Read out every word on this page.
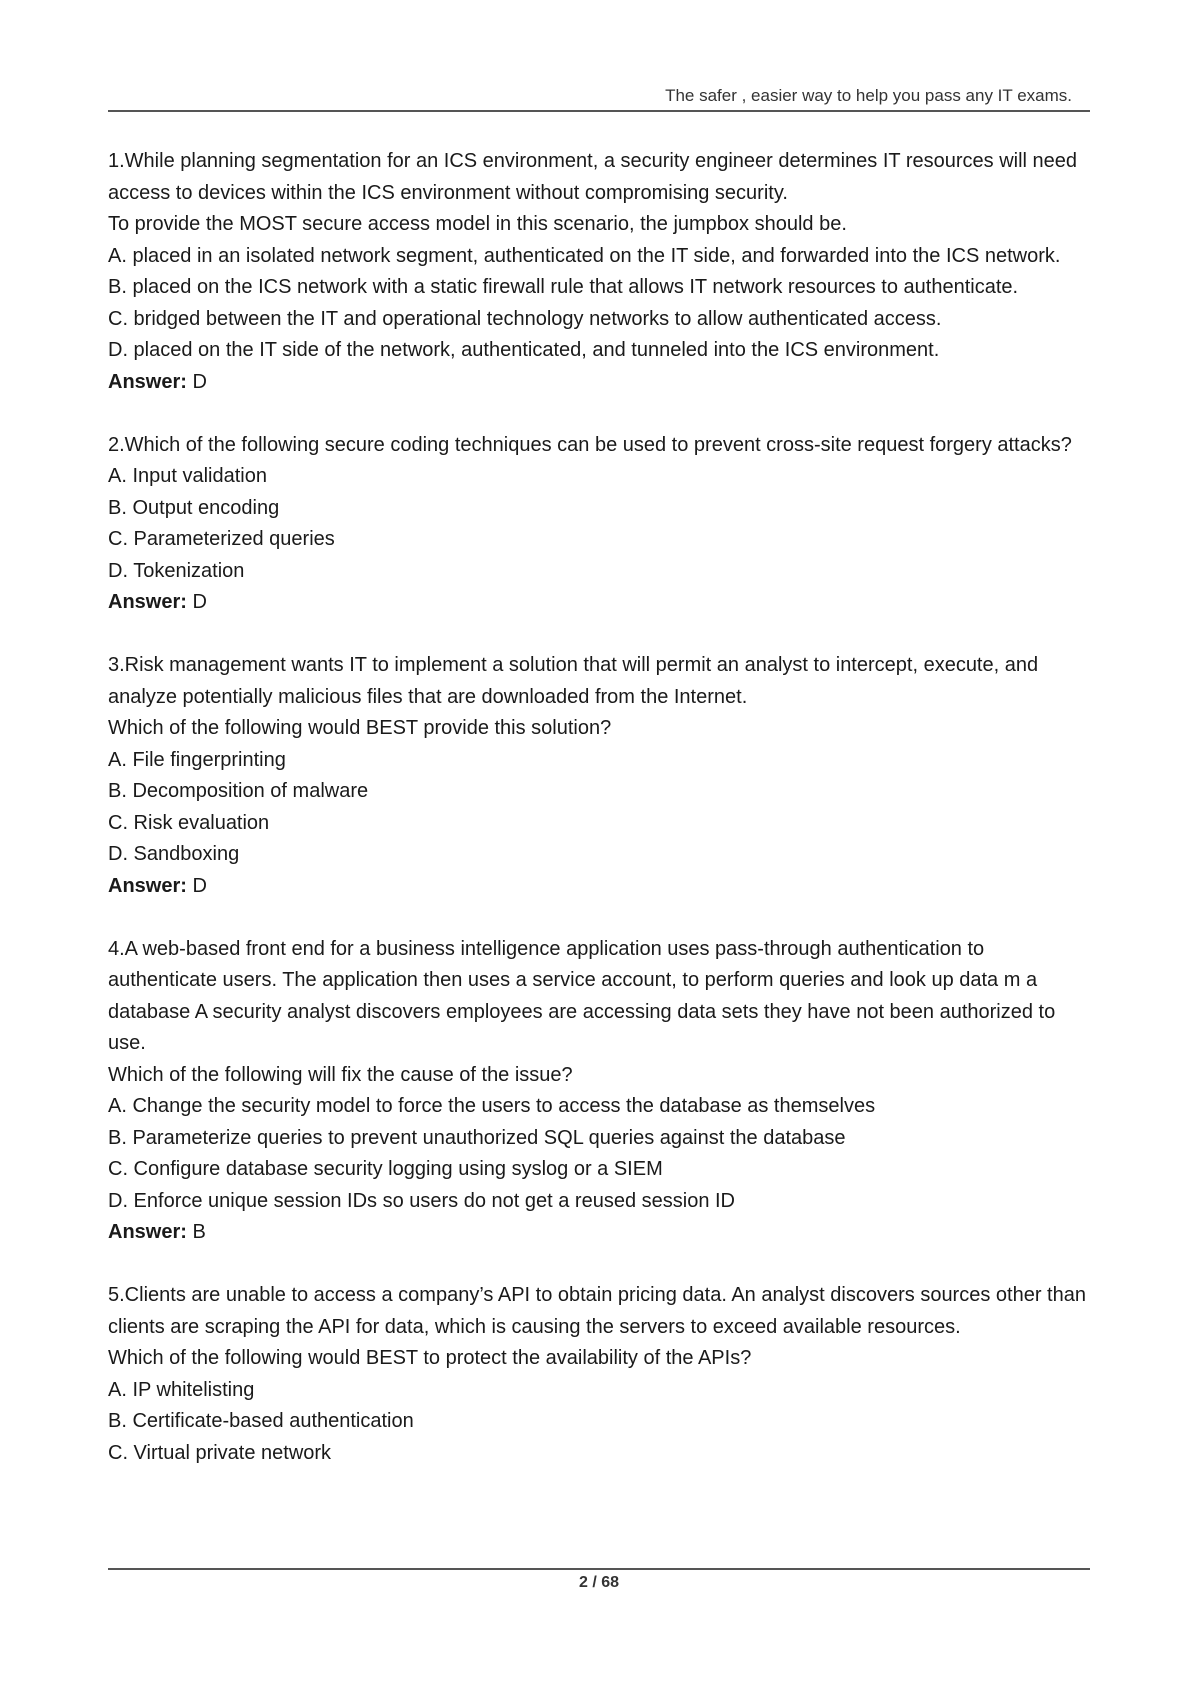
The safer , easier way to help you pass any IT exams.

1.While planning segmentation for an ICS environment, a security engineer determines IT resources will need access to devices within the ICS environment without compromising security.

To provide the MOST secure access model in this scenario, the jumpbox should be.

A. placed in an isolated network segment, authenticated on the IT side, and forwarded into the ICS network.

B. placed on the ICS network with a static firewall rule that allows IT network resources to authenticate.

C. bridged between the IT and operational technology networks to allow authenticated access.

D. placed on the IT side of the network, authenticated, and tunneled into the ICS environment.

Answer: D

2.Which of the following secure coding techniques can be used to prevent cross-site request forgery attacks?

A. Input validation

B. Output encoding

C. Parameterized queries

D. Tokenization

Answer: D

3.Risk management wants IT to implement a solution that will permit an analyst to intercept, execute, and analyze potentially malicious files that are downloaded from the Internet.

Which of the following would BEST provide this solution?

A. File fingerprinting

B. Decomposition of malware

C. Risk evaluation

D. Sandboxing

Answer: D

4.A web-based front end for a business intelligence application uses pass-through authentication to authenticate users. The application then uses a service account, to perform queries and look up data m a database A security analyst discovers employees are accessing data sets they have not been authorized to use.

Which of the following will fix the cause of the issue?

A. Change the security model to force the users to access the database as themselves

B. Parameterize queries to prevent unauthorized SQL queries against the database

C. Configure database security logging using syslog or a SIEM

D. Enforce unique session IDs so users do not get a reused session ID

Answer: B

5.Clients are unable to access a company’s API to obtain pricing data. An analyst discovers sources other than clients are scraping the API for data, which is causing the servers to exceed available resources.

Which of the following would BEST to protect the availability of the APIs?

A. IP whitelisting

B. Certificate-based authentication

C. Virtual private network

2 / 68
